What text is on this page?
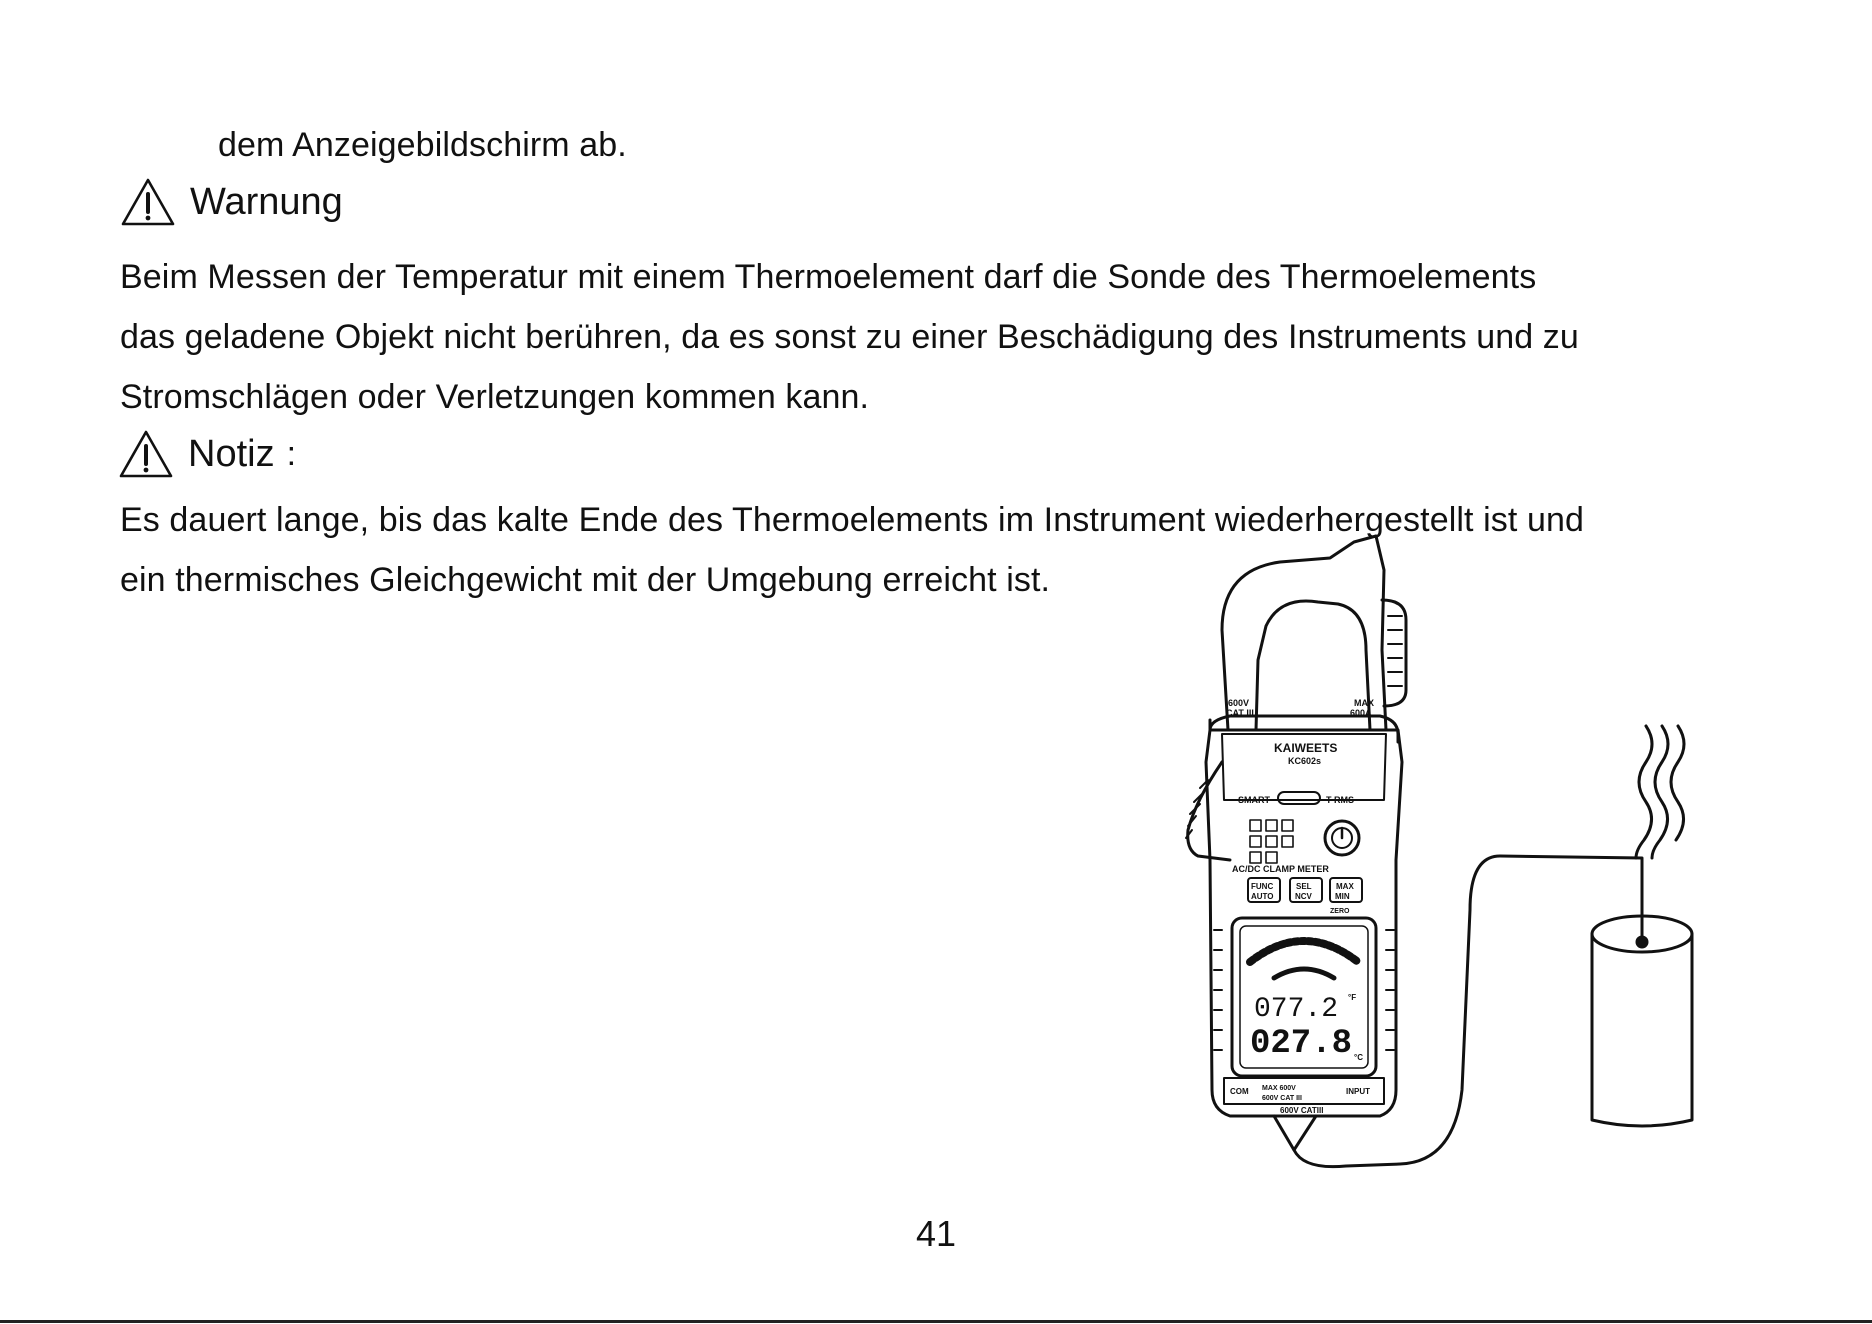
dem Anzeigebildschirm ab.
Warnung
Beim Messen der Temperatur mit einem Thermoelement darf die Sonde des Thermoelements
das geladene Objekt nicht berühren, da es sonst zu einer Beschädigung des Instruments und zu
Stromschlägen oder Verletzungen kommen kann.
Notiz :
Es dauert lange, bis das kalte Ende des Thermoelements im Instrument wiederhergestellt ist und
ein thermisches Gleichgewicht mit der Umgebung erreicht ist.
600V
CAT III
MAX
600A
KAIWEETS
KC602s
SMART	T-RMS
AC/DC CLAMP METER
FUNC
AUTO
SEL
NCV
MAX
MIN
ZERO
077.2 °F
027.8 °C
COM MAX 600V
600V CAT III
INPUT
600V CATIII
41
